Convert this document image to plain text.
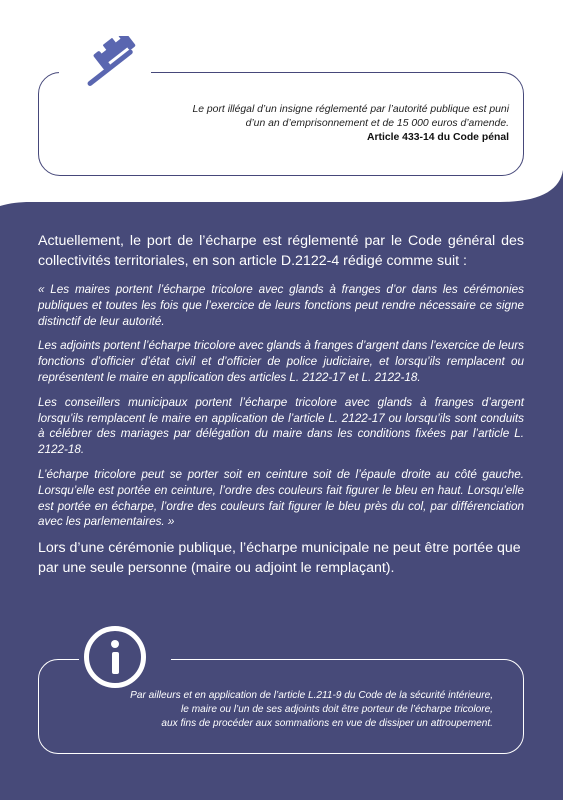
Le port illégal d’un insigne réglementé par l’autorité publique est puni
d’un an d’emprisonnement et de 15 000 euros d’amende.
Article 433-14 du Code pénal

Actuellement, le port de l’écharpe est réglementé par le Code général des collectivités territoriales, en son article D.2122-4 rédigé comme suit :

« Les maires portent l’écharpe tricolore avec glands à franges d’or dans les cérémonies publiques et toutes les fois que l’exercice de leurs fonctions peut rendre nécessaire ce signe distinctif de leur autorité.

Les adjoints portent l’écharpe tricolore avec glands à franges d’argent dans l’exercice de leurs fonctions d’officier d’état civil et d’officier de police judiciaire, et lorsqu’ils remplacent ou représentent le maire en application des articles L. 2122-17 et L. 2122-18.

Les conseillers municipaux portent l’écharpe tricolore avec glands à franges d’argent lorsqu’ils remplacent le maire en application de l’article L. 2122-17 ou lorsqu’ils sont conduits à célébrer des mariages par délégation du maire dans les conditions fixées par l’article L. 2122-18.

L’écharpe tricolore peut se porter soit en ceinture soit de l’épaule droite au côté gauche. Lorsqu’elle est portée en ceinture, l’ordre des couleurs fait figurer le bleu en haut. Lorsqu’elle est portée en écharpe, l’ordre des couleurs fait figurer le bleu près du col, par différenciation avec les parlementaires. »

Lors d’une cérémonie publique, l’écharpe municipale ne peut être portée que par une seule personne (maire ou adjoint le remplaçant).

Par ailleurs et en application de l’article L.211-9 du Code de la sécurité intérieure,
le maire ou l’un de ses adjoints doit être porteur de l’écharpe tricolore,
aux fins de procéder aux sommations en vue de dissiper un attroupement.
